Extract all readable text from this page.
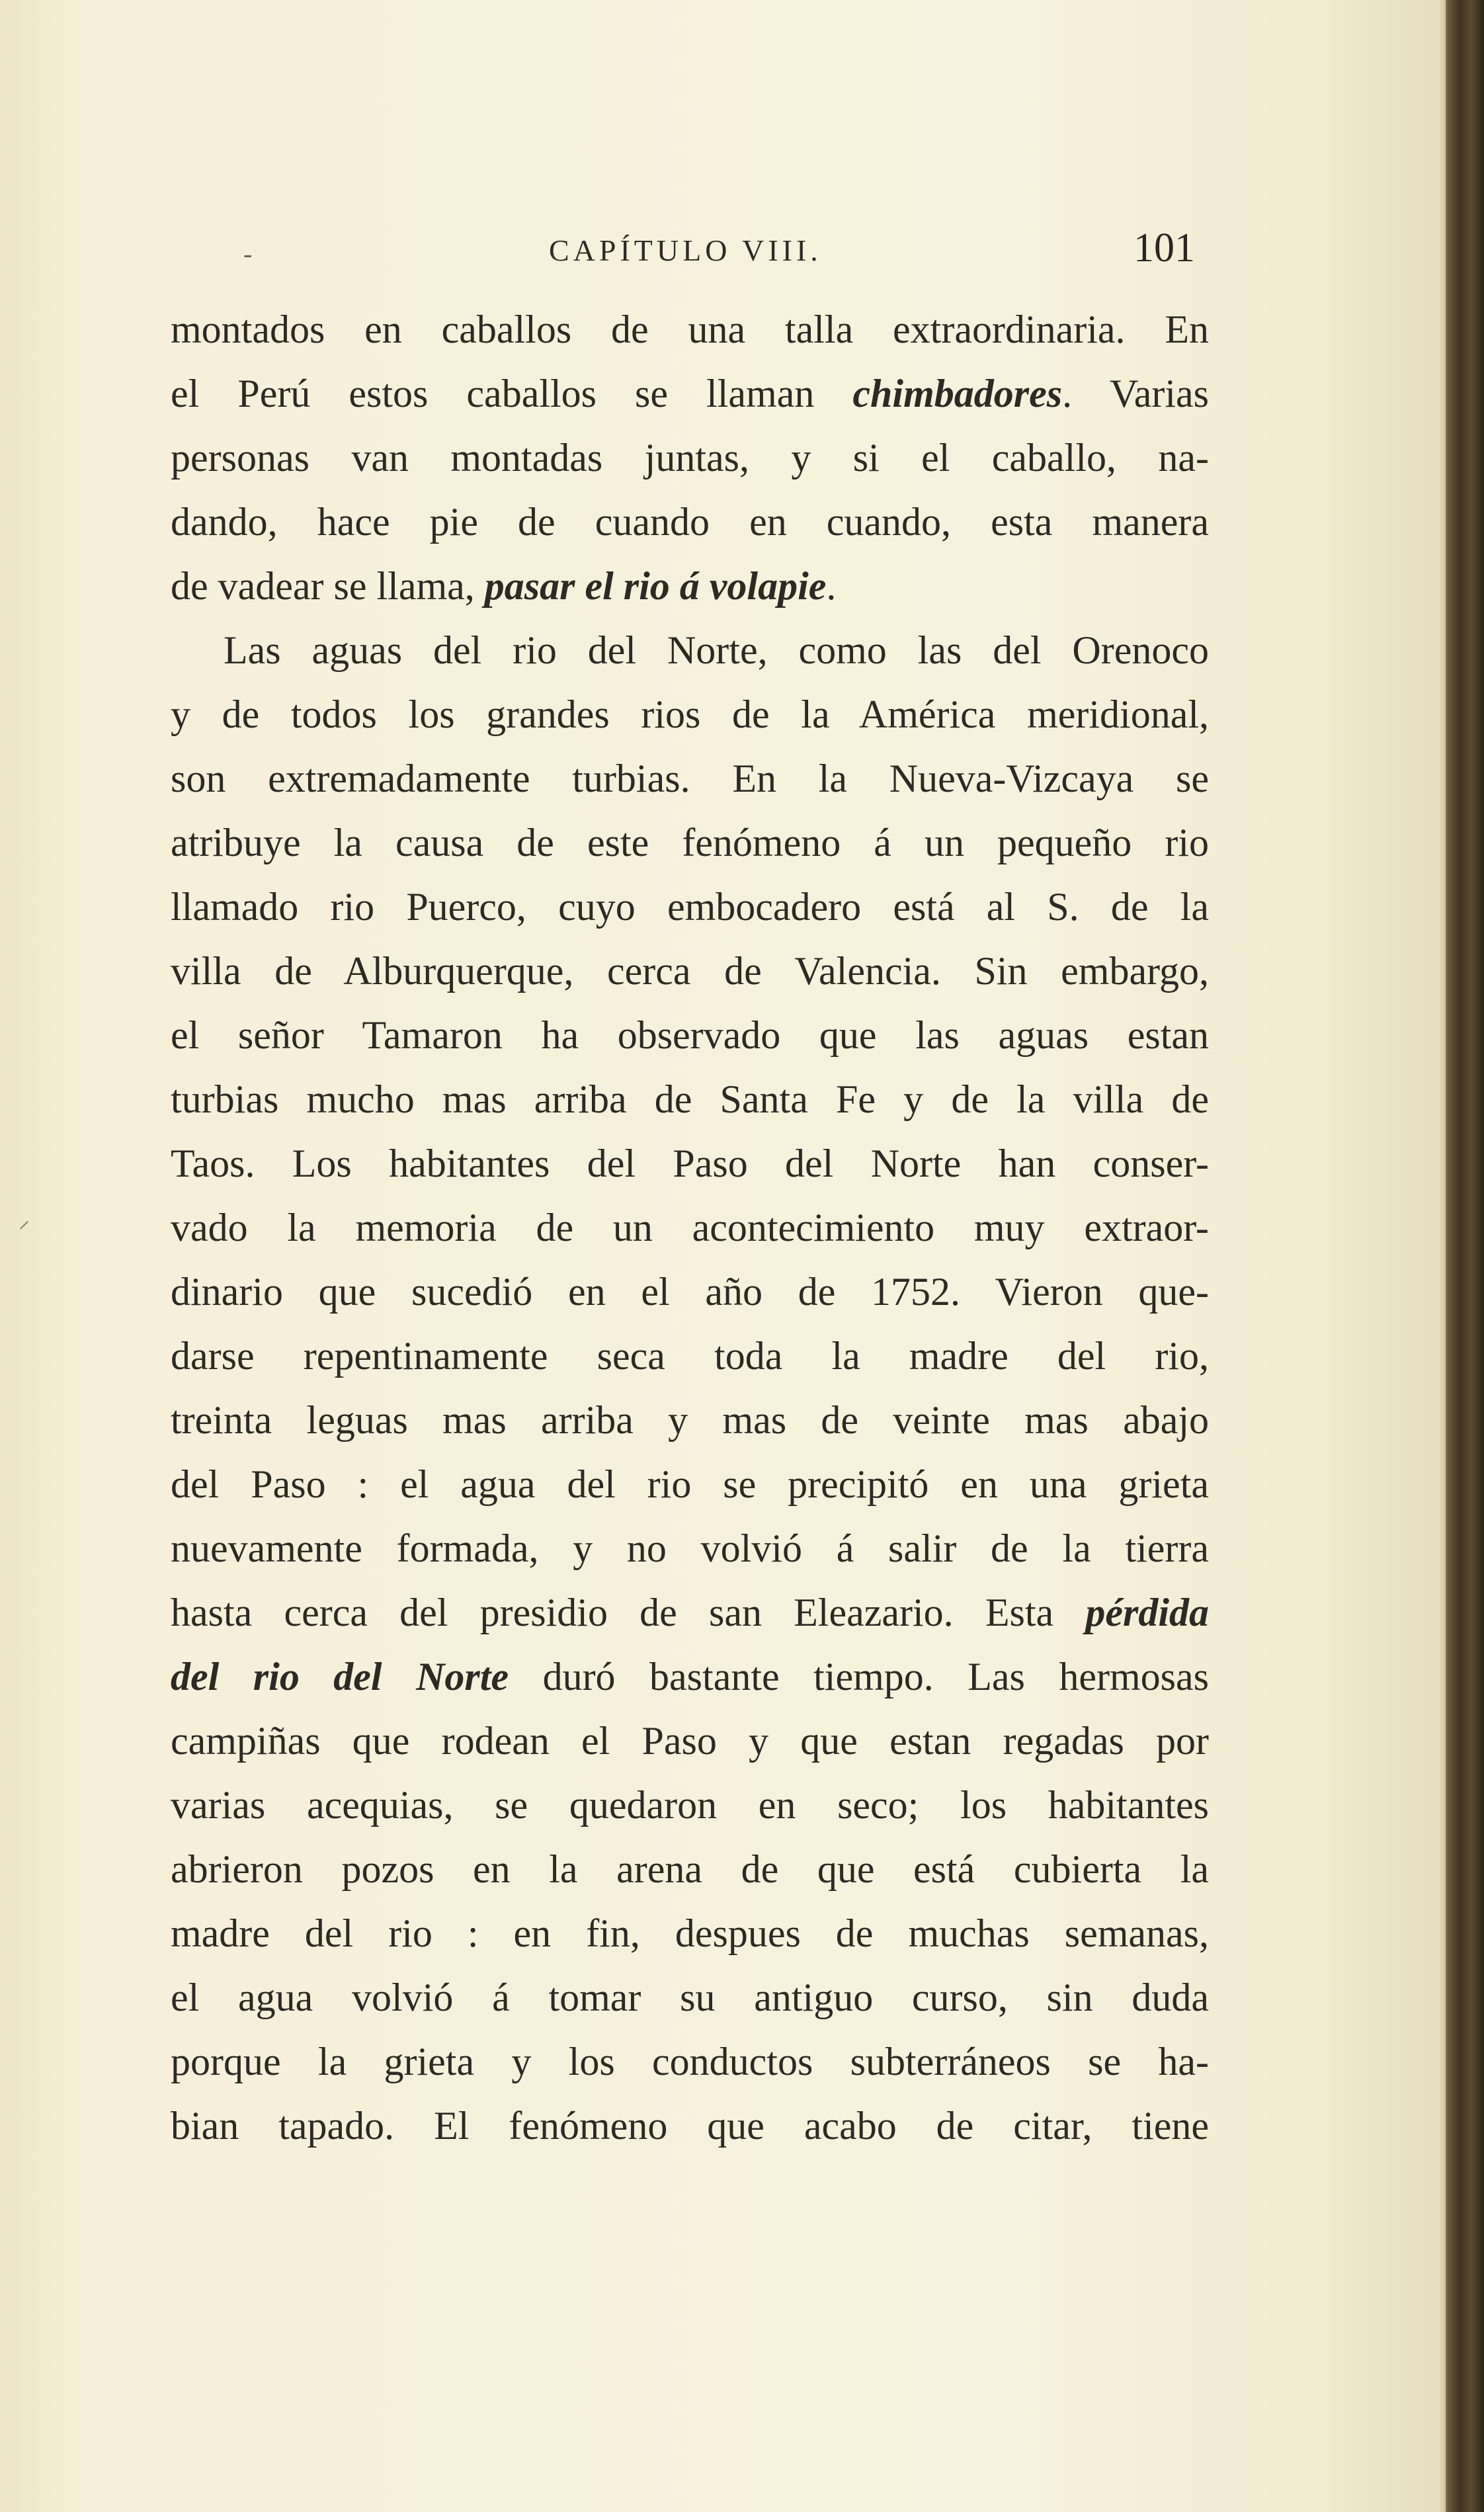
-	CAPÍTULO VIII.	101
montados en caballos de una talla extraordinaria. En
el Perú estos caballos se llaman chimbadores. Varias
personas van montadas juntas, y si el caballo, na-
dando, hace pie de cuando en cuando, esta manera
de vadear se llama, pasar el rio á volapie.
Las aguas del rio del Norte, como las del Orenoco
y de todos los grandes rios de la América meridional,
son extremadamente turbias. En la Nueva-Vizcaya se
atribuye la causa de este fenómeno á un pequeño rio
llamado rio Puerco, cuyo embocadero está al S. de la
villa de Alburquerque, cerca de Valencia. Sin embargo,
el señor Tamaron ha observado que las aguas estan
turbias mucho mas arriba de Santa Fe y de la villa de
Taos. Los habitantes del Paso del Norte han conser-
vado la memoria de un acontecimiento muy extraor-
dinario que sucedió en el año de 1752. Vieron que-
darse repentinamente seca toda la madre del rio,
treinta leguas mas arriba y mas de veinte mas abajo
del Paso : el agua del rio se precipitó en una grieta
nuevamente formada, y no volvió á salir de la tierra
hasta cerca del presidio de san Eleazario. Esta pérdida
del rio del Norte duró bastante tiempo. Las hermosas
campiñas que rodean el Paso y que estan regadas por
varias acequias, se quedaron en seco; los habitantes
abrieron pozos en la arena de que está cubierta la
madre del rio : en fin, despues de muchas semanas,
el agua volvió á tomar su antiguo curso, sin duda
porque la grieta y los conductos subterráneos se ha-
bian tapado. El fenómeno que acabo de citar, tiene
⸝
